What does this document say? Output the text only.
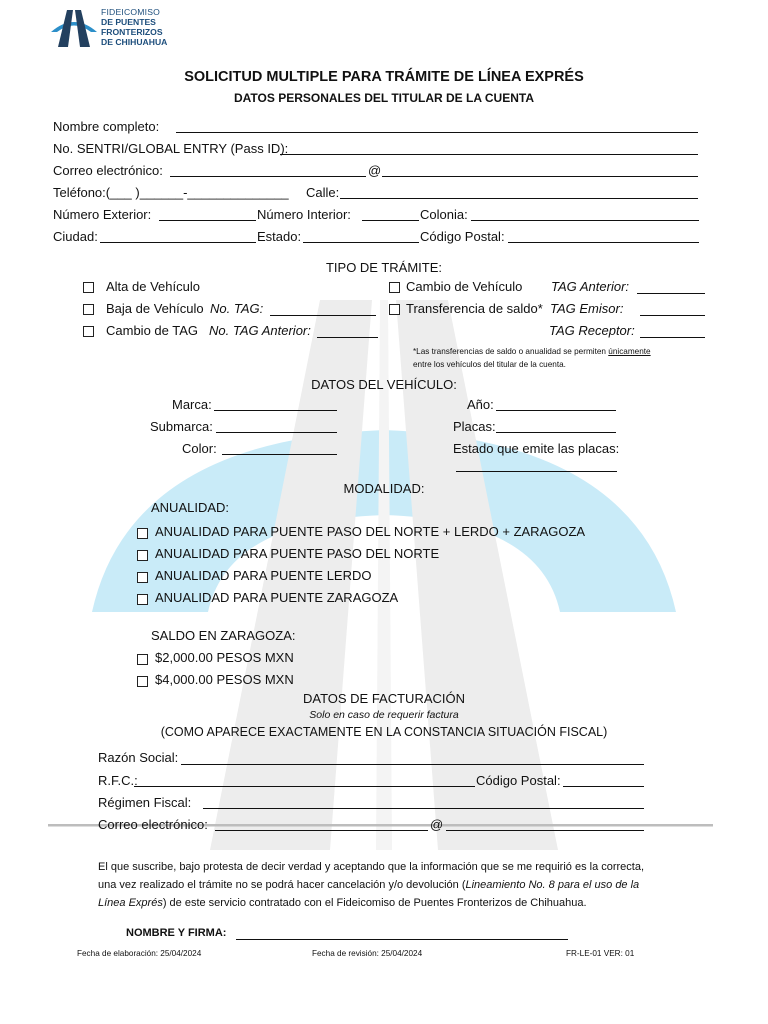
FIDEICOMISO
DE PUENTES
FRONTERIZOS
DE CHIHUAHUA
SOLICITUD MULTIPLE PARA TRÁMITE DE LÍNEA EXPRÉS
DATOS PERSONALES DEL TITULAR DE LA CUENTA
Nombre completo:
No. SENTRI/GLOBAL ENTRY (Pass ID):
Correo electrónico:	@
Teléfono:(___ )______-______________ Calle:
Número Exterior:	Número Interior:	Colonia:
Ciudad:	Estado:	Código Postal:
TIPO DE TRÁMITE:
Alta de Vehículo
Baja de Vehículo No. TAG:
Cambio de TAG No. TAG Anterior:
Cambio de Vehículo TAG Anterior:
Transferencia de saldo* TAG Emisor:
TAG Receptor:
*Las transferencias de saldo o anualidad se permiten únicamente
entre los vehículos del titular de la cuenta.
DATOS DEL VEHÍCULO:
Marca:
Submarca:
Color:
Año:
Placas:
Estado que emite las placas:
MODALIDAD:
ANUALIDAD:
ANUALIDAD PARA PUENTE PASO DEL NORTE + LERDO + ZARAGOZA
ANUALIDAD PARA PUENTE PASO DEL NORTE
ANUALIDAD PARA PUENTE LERDO
ANUALIDAD PARA PUENTE ZARAGOZA
SALDO EN ZARAGOZA:
$2,000.00 PESOS MXN
$4,000.00 PESOS MXN
DATOS DE FACTURACIÓN
Solo en caso de requerir factura
(COMO APARECE EXACTAMENTE EN LA CONSTANCIA SITUACIÓN FISCAL)
Razón Social:
R.F.C.:	Código Postal:
Régimen Fiscal:
Correo electrónico:	@
El que suscribe, bajo protesta de decir verdad y aceptando que la información que se me requirió es la correcta,
una vez realizado el trámite no se podrá hacer cancelación y/o devolución (Lineamiento No. 8 para el uso de la
Línea Exprés) de este servicio contratado con el Fideicomiso de Puentes Fronterizos de Chihuahua.
NOMBRE Y FIRMA:
Fecha de elaboración: 25/04/2024	Fecha de revisión: 25/04/2024	FR-LE-01 VER: 01
